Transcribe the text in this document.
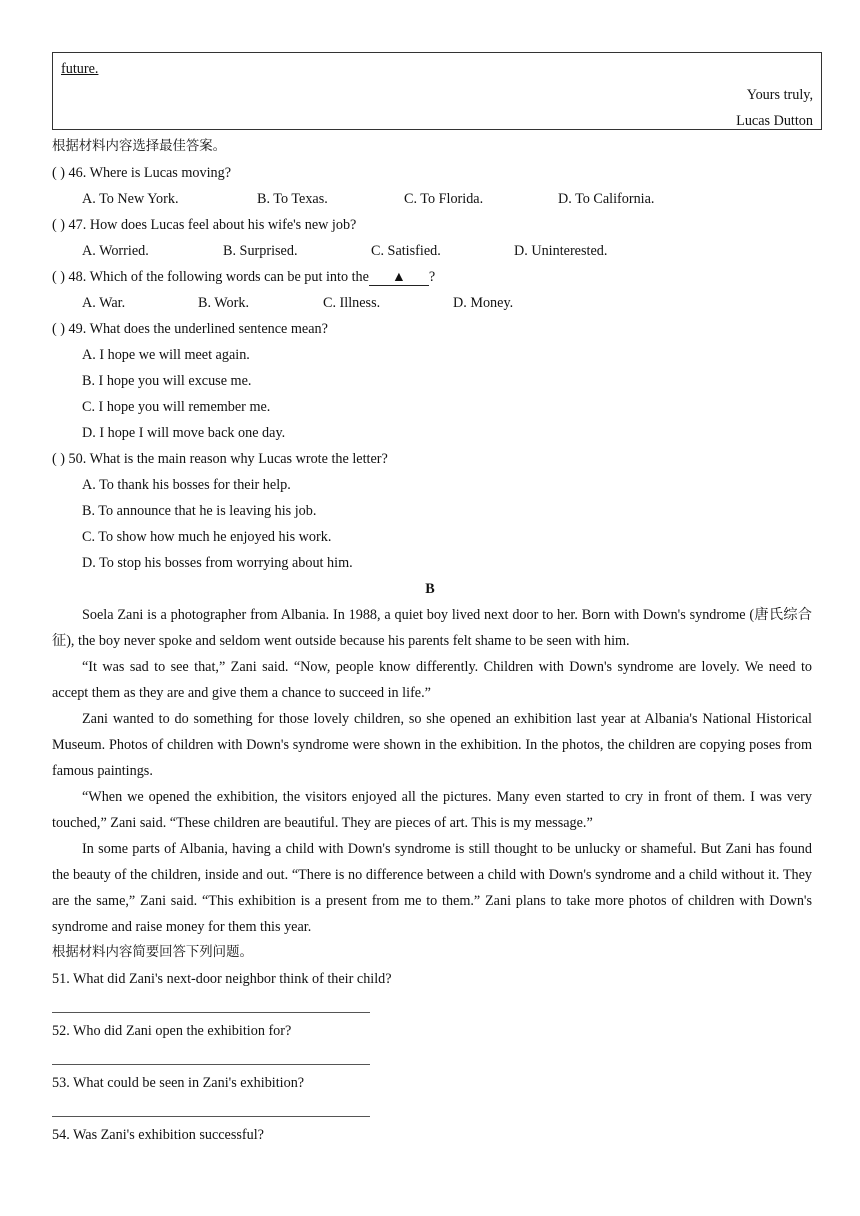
future.
Yours truly,
Lucas Dutton
根据材料内容选择最佳答案。
( ) 46. Where is Lucas moving?
A. To New York.	B. To Texas.	C. To Florida.	D. To California.
( ) 47. How does Lucas feel about his wife's new job?
A. Worried.	B. Surprised.	C. Satisfied.	D. Uninterested.
( ) 48. Which of the following words can be put into the ▲ ?
A. War.	B. Work.	C. Illness.	D. Money.
( ) 49. What does the underlined sentence mean?
A. I hope we will meet again.
B. I hope you will excuse me.
C. I hope you will remember me.
D. I hope I will move back one day.
( ) 50. What is the main reason why Lucas wrote the letter?
A. To thank his bosses for their help.
B. To announce that he is leaving his job.
C. To show how much he enjoyed his work.
D. To stop his bosses from worrying about him.
B
Soela Zani is a photographer from Albania. In 1988, a quiet boy lived next door to her. Born with Down's syndrome (唐氏综合征), the boy never spoke and seldom went outside because his parents felt shame to be seen with him.
“It was sad to see that,” Zani said. “Now, people know differently. Children with Down's syndrome are lovely. We need to accept them as they are and give them a chance to succeed in life.”
Zani wanted to do something for those lovely children, so she opened an exhibition last year at Albania's National Historical Museum. Photos of children with Down's syndrome were shown in the exhibition. In the photos, the children are copying poses from famous paintings.
“When we opened the exhibition, the visitors enjoyed all the pictures. Many even started to cry in front of them. I was very touched,” Zani said. “These children are beautiful. They are pieces of art. This is my message.”
In some parts of Albania, having a child with Down's syndrome is still thought to be unlucky or shameful. But Zani has found the beauty of the children, inside and out. “There is no difference between a child with Down's syndrome and a child without it. They are the same,” Zani said. “This exhibition is a present from me to them.” Zani plans to take more photos of children with Down's syndrome and raise money for them this year.
根据材料内容简要回答下列问题。
51. What did Zani's next-door neighbor think of their child?
52. Who did Zani open the exhibition for?
53. What could be seen in Zani's exhibition?
54. Was Zani's exhibition successful?
